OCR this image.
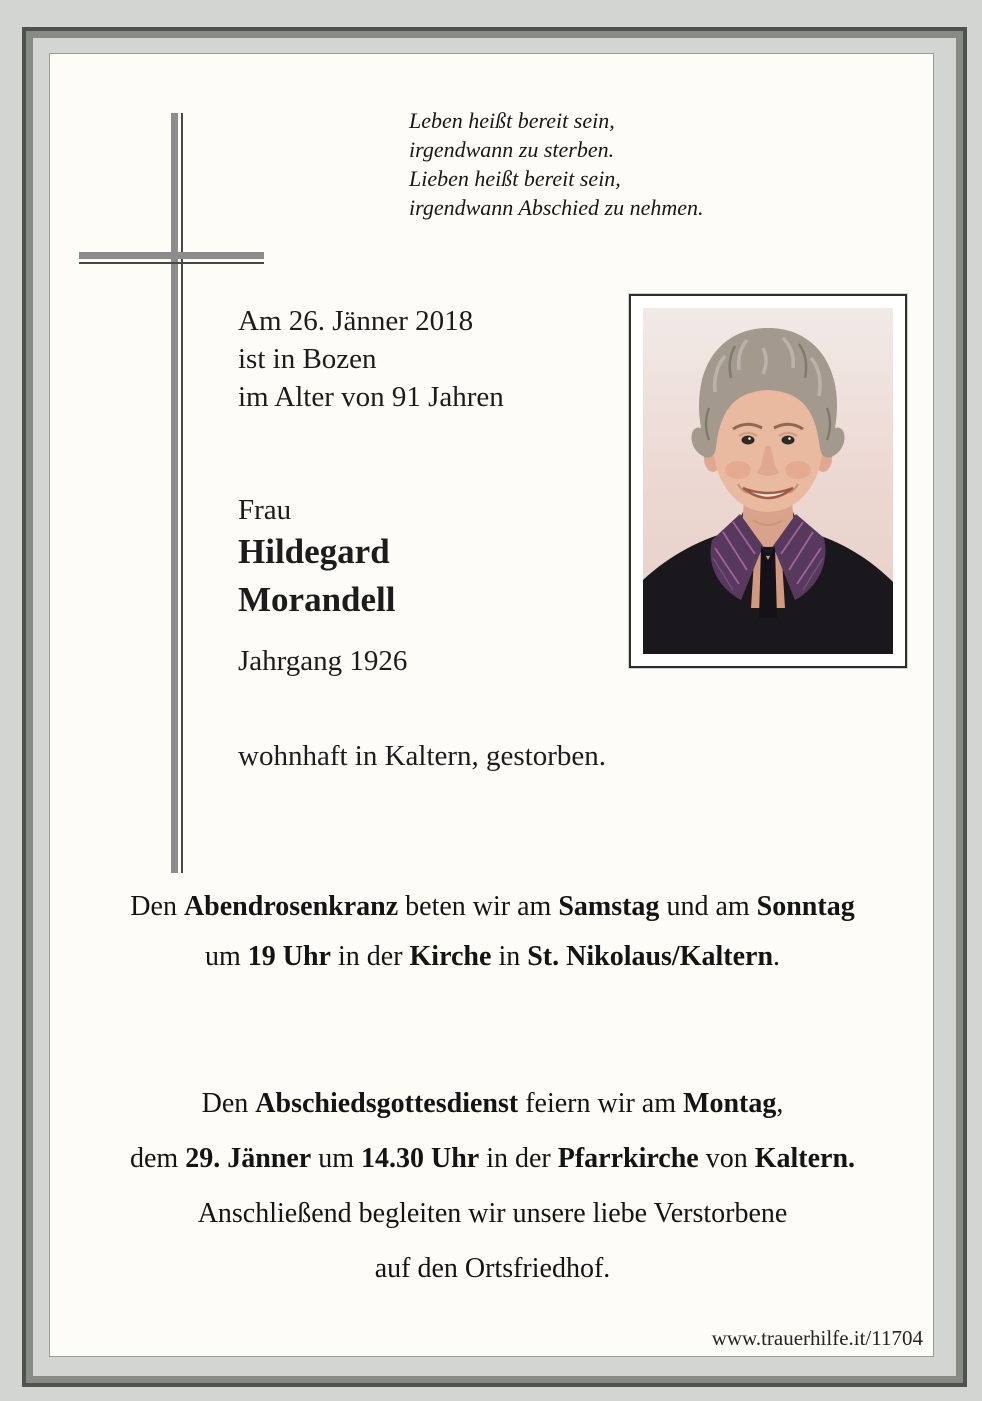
Leben heißt bereit sein,
irgendwann zu sterben.
Lieben heißt bereit sein,
irgendwann Abschied zu nehmen.
Am 26. Jänner 2018
ist in Bozen
im Alter von 91 Jahren
Frau
Hildegard
Morandell
Jahrgang 1926
wohnhaft in Kaltern, gestorben.
Den Abendrosenkranz beten wir am Samstag und am Sonntag
um 19 Uhr in der Kirche in St. Nikolaus/Kaltern.
Den Abschiedsgottesdienst feiern wir am Montag,
dem 29. Jänner um 14.30 Uhr in der Pfarrkirche von Kaltern.
Anschließend begleiten wir unsere liebe Verstorbene
auf den Ortsfriedhof.
www.trauerhilfe.it/11704
